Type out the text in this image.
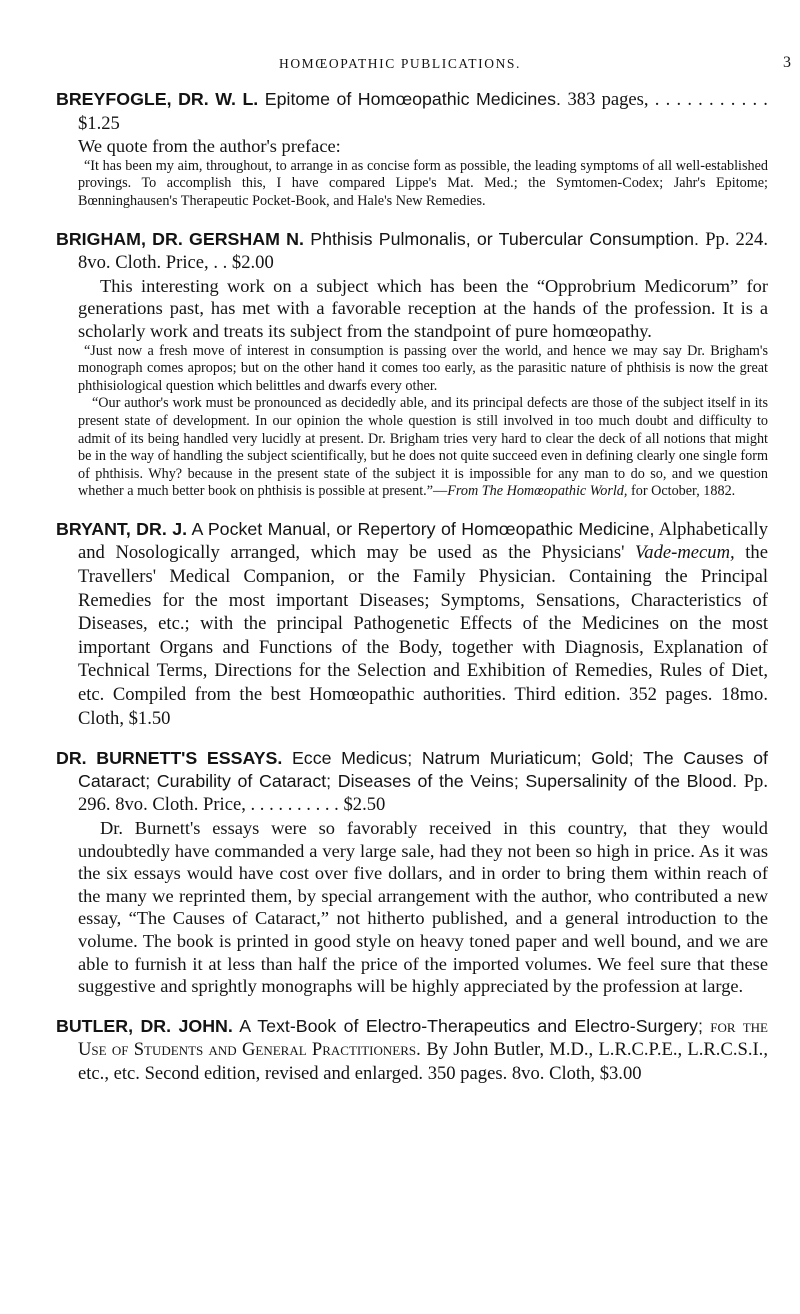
HOMŒOPATHIC PUBLICATIONS.	3

BREYFOGLE, DR. W. L. Epitome of Homœopathic Medicines. 383 pages, . . . . . . . . . . . $1.25

We quote from the author's preface:

“It has been my aim, throughout, to arrange in as concise form as possible, the leading symptoms of all well-established provings. To accomplish this, I have compared Lippe's Mat. Med.; the Symtomen-Codex; Jahr's Epitome; Bœnninghausen's Therapeutic Pocket-Book, and Hale's New Remedies.

BRIGHAM, DR. GERSHAM N. Phthisis Pulmonalis, or Tubercular Consumption. Pp. 224. 8vo. Cloth. Price, . . $2.00

This interesting work on a subject which has been the “Opprobrium Medicorum” for generations past, has met with a favorable reception at the hands of the profession. It is a scholarly work and treats its subject from the standpoint of pure homœopathy.

“Just now a fresh move of interest in consumption is passing over the world, and hence we may say Dr. Brigham's monograph comes apropos; but on the other hand it comes too early, as the parasitic nature of phthisis is now the great phthisiological question which belittles and dwarfs every other.

“Our author's work must be pronounced as decidedly able, and its principal defects are those of the subject itself in its present state of development. In our opinion the whole question is still involved in too much doubt and difficulty to admit of its being handled very lucidly at present. Dr. Brigham tries very hard to clear the deck of all notions that might be in the way of handling the subject scientifically, but he does not quite succeed even in defining clearly one single form of phthisis. Why? because in the present state of the subject it is impossible for any man to do so, and we question whether a much better book on phthisis is possible at present.”—From The Homœopathic World, for October, 1882.

BRYANT, DR. J. A Pocket Manual, or Repertory of Homœopathic Medicine, Alphabetically and Nosologically arranged, which may be used as the Physicians' Vade-mecum, the Travellers' Medical Companion, or the Family Physician. Containing the Principal Remedies for the most important Diseases; Symptoms, Sensations, Characteristics of Diseases, etc.; with the principal Pathogenetic Effects of the Medicines on the most important Organs and Functions of the Body, together with Diagnosis, Explanation of Technical Terms, Directions for the Selection and Exhibition of Remedies, Rules of Diet, etc. Compiled from the best Homœopathic authorities. Third edition. 352 pages. 18mo. Cloth, $1.50

DR. BURNETT'S ESSAYS. Ecce Medicus; Natrum Muriaticum; Gold; The Causes of Cataract; Curability of Cataract; Diseases of the Veins; Supersalinity of the Blood. Pp. 296. 8vo. Cloth. Price, . . . . . . . . . . $2.50

Dr. Burnett's essays were so favorably received in this country, that they would undoubtedly have commanded a very large sale, had they not been so high in price. As it was the six essays would have cost over five dollars, and in order to bring them within reach of the many we reprinted them, by special arrangement with the author, who contributed a new essay, “The Causes of Cataract,” not hitherto published, and a general introduction to the volume. The book is printed in good style on heavy toned paper and well bound, and we are able to furnish it at less than half the price of the imported volumes. We feel sure that these suggestive and sprightly monographs will be highly appreciated by the profession at large.

BUTLER, DR. JOHN. A Text-Book of Electro-Therapeutics and Electro-Surgery; for the Use of Students and General Practitioners. By John Butler, M.D., L.R.C.P.E., L.R.C.S.I., etc., etc. Second edition, revised and enlarged. 350 pages. 8vo. Cloth, $3.00
